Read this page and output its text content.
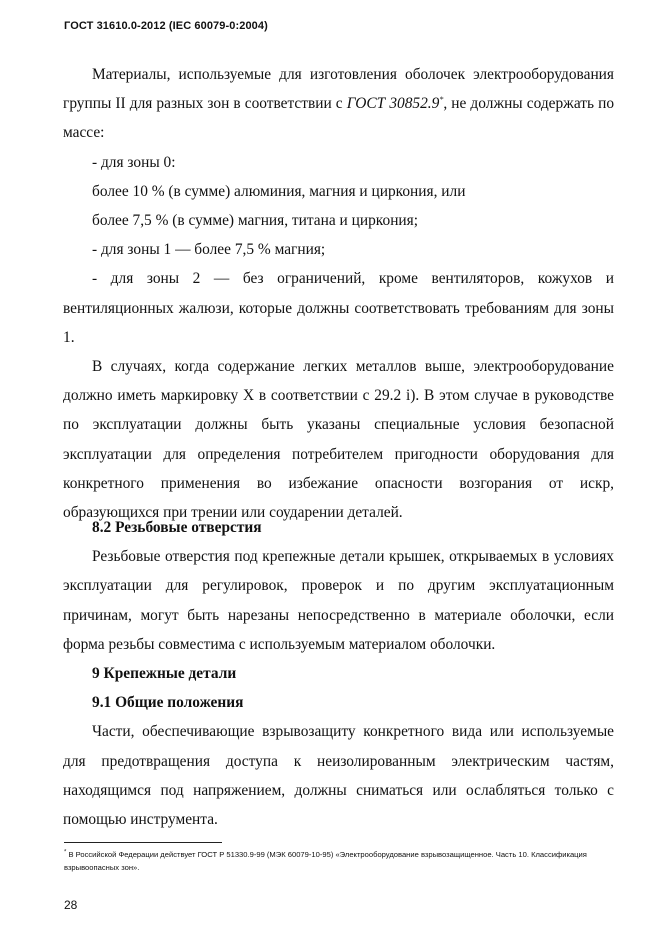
ГОСТ 31610.0-2012 (IEC 60079-0:2004)

Материалы, используемые для изготовления оболочек электрооборудования группы II для разных зон в соответствии с ГОСТ 30852.9*, не должны содержать по массе:

- для зоны 0:

более 10 % (в сумме) алюминия, магния и циркония, или

более 7,5 % (в сумме) магния, титана и циркония;

- для зоны 1 — более 7,5 % магния;

- для зоны 2 — без ограничений, кроме вентиляторов, кожухов и вентиляционных жалюзи, которые должны соответствовать требованиям для зоны 1.

В случаях, когда содержание легких металлов выше, электрооборудование должно иметь маркировку X в соответствии с 29.2 i). В этом случае в руководстве по эксплуатации должны быть указаны специальные условия безопасной эксплуатации для определения потребителем пригодности оборудования для конкретного применения во избежание опасности возгорания от искр, образующихся при трении или соударении деталей.

8.2 Резьбовые отверстия

Резьбовые отверстия под крепежные детали крышек, открываемых в условиях эксплуатации для регулировок, проверок и по другим эксплуатационным причинам, могут быть нарезаны непосредственно в материале оболочки, если форма резьбы совместима с используемым материалом оболочки.

9 Крепежные детали

9.1 Общие положения

Части, обеспечивающие взрывозащиту конкретного вида или используемые для предотвращения доступа к неизолированным электрическим частям, находящимся под напряжением, должны сниматься или ослабляться только с помощью инструмента.

* В Российской Федерации действует ГОСТ Р 51330.9-99 (МЭК 60079-10-95) «Электрооборудование взрывозащищенное. Часть 10. Классификация взрывоопасных зон».
28
